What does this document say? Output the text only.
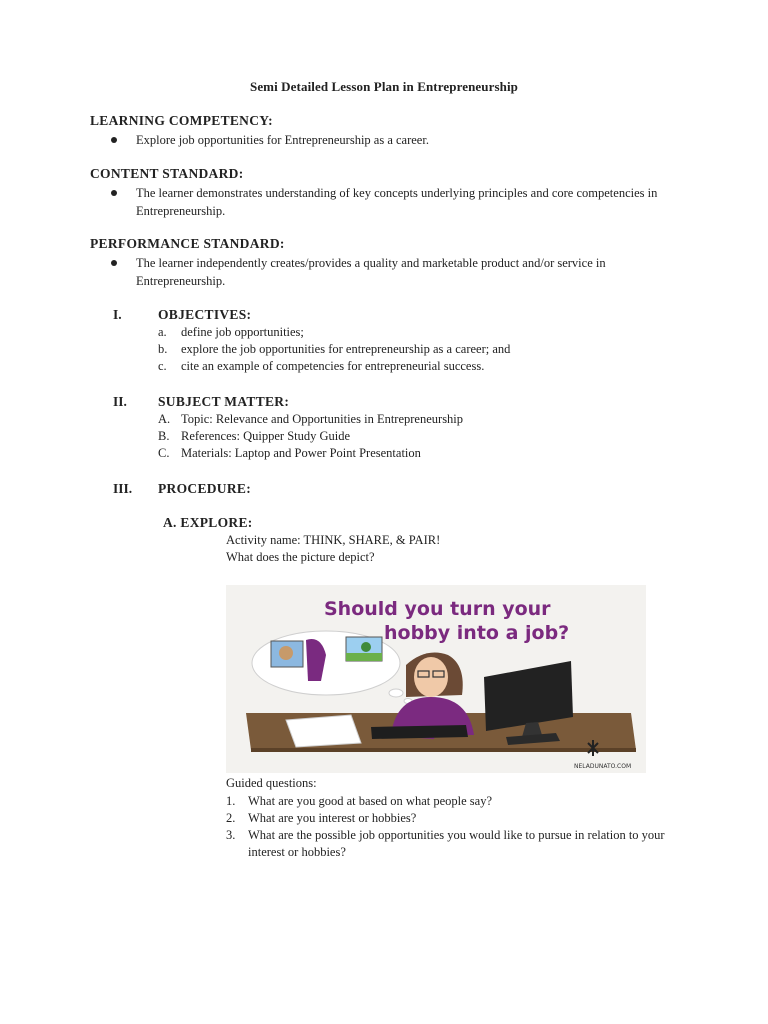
Semi Detailed Lesson Plan in Entrepreneurship
LEARNING COMPETENCY:
Explore job opportunities for Entrepreneurship as a career.
CONTENT STANDARD:
The learner demonstrates understanding of key concepts underlying principles and core competencies in Entrepreneurship.
PERFORMANCE STANDARD:
The learner independently creates/provides a quality and marketable product and/or service in Entrepreneurship.
I.	OBJECTIVES:
a.	define job opportunities;
b.	explore the job opportunities for entrepreneurship as a career; and
c.	cite an example of competencies for entrepreneurial success.
II. SUBJECT MATTER:
A. Topic: Relevance and Opportunities in Entrepreneurship
B. References: Quipper Study Guide
C. Materials: Laptop and Power Point Presentation
III. PROCEDURE:
A. EXPLORE:
Activity name: THINK, SHARE, & PAIR!
What does the picture depict?
Should you turn your
hobby into a job?
NELADUNATO.COM
Guided questions:
1. What are you good at based on what people say?
2. What are you interest or hobbies?
3. What are the possible job opportunities you would like to pursue in relation to your interest or hobbies?
